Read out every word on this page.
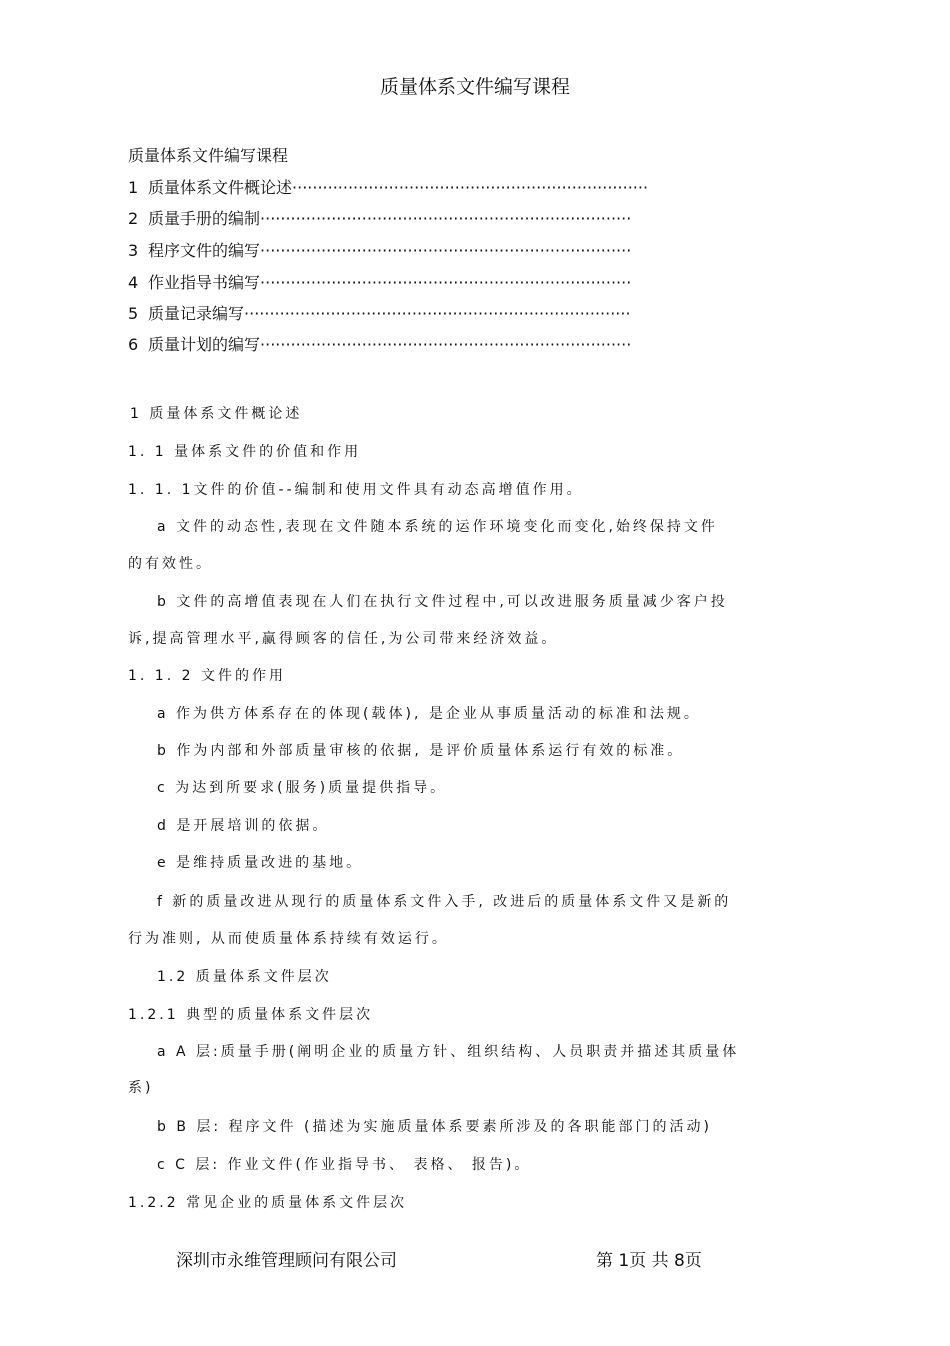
质量体系文件编写课程
质量体系文件编写课程
1 质量体系文件概论述······································································
2 质量手册的编制·········································································
3 程序文件的编写·········································································
4 作业指导书编写·········································································
5 质量记录编写············································································
6 质量计划的编写·········································································
1 质量体系文件概论述
1. 1 量体系文件的价值和作用
1. 1. 1文件的价值--编制和使用文件具有动态高增值作用。
a 文件的动态性,表现在文件随本系统的运作环境变化而变化,始终保持文件
的有效性。
b 文件的高增值表现在人们在执行文件过程中,可以改进服务质量减少客户投
诉,提高管理水平,赢得顾客的信任,为公司带来经济效益。
1. 1. 2 文件的作用
a 作为供方体系存在的体现(载体), 是企业从事质量活动的标准和法规。
b 作为内部和外部质量审核的依据, 是评价质量体系运行有效的标准。
c 为达到所要求(服务)质量提供指导。
d 是开展培训的依据。
e 是维持质量改进的基地。
f 新的质量改进从现行的质量体系文件入手, 改进后的质量体系文件又是新的
行为准则, 从而使质量体系持续有效运行。
1.2 质量体系文件层次
1.2.1 典型的质量体系文件层次
a A 层:质量手册(阐明企业的质量方针、组织结构、人员职责并描述其质量体
系)
b B 层: 程序文件 (描述为实施质量体系要素所涉及的各职能部门的活动)
c C 层: 作业文件(作业指导书、 表格、 报告)。
1.2.2 常见企业的质量体系文件层次
深圳市永维管理顾问有限公司	第 1页 共 8页
